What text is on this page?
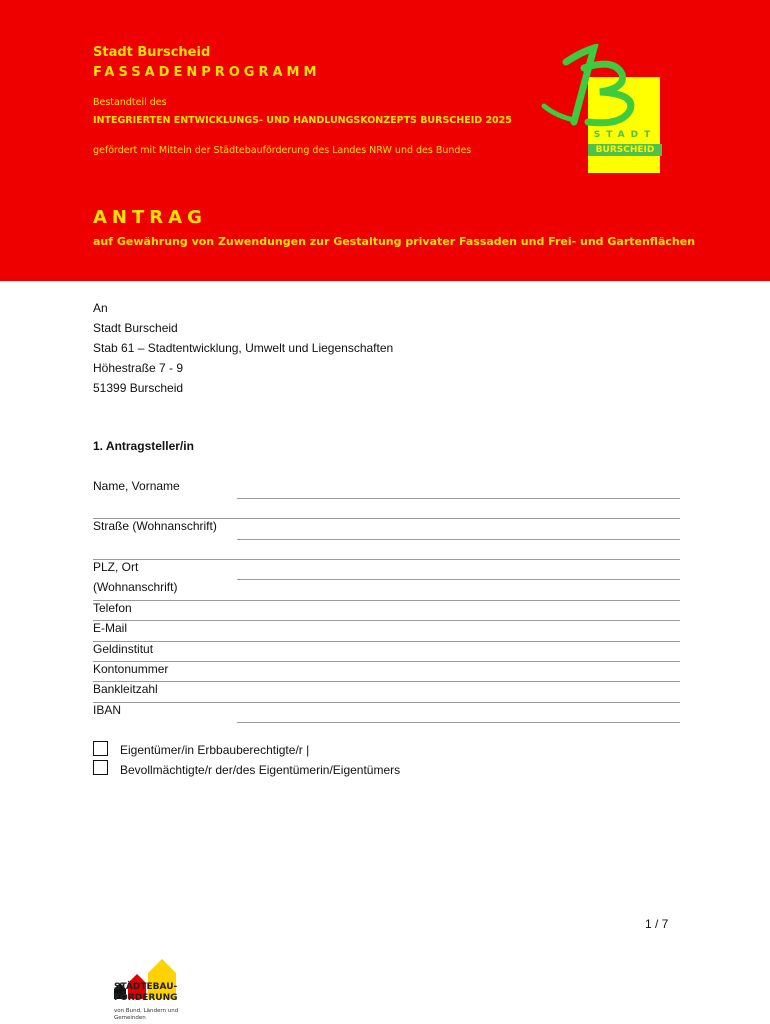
Stadt Burscheid
FASSADENPROGRAMM
Bestandteil des
INTEGRIERTEN ENTWICKLUNGS- UND HANDLUNGSKONZEPTS BURSCHEID 2025
gefördert mit Mitteln der Städtebauförderung des Landes NRW und des Bundes
ANTRAG
auf Gewährung von Zuwendungen zur Gestaltung privater Fassaden und Frei- und Gartenflächen
STADT
BURSCHEID
An
Stadt Burscheid
Stab 61 – Stadtentwicklung, Umwelt und Liegenschaften
Höhestraße 7 - 9
51399 Burscheid
1. Antragsteller/in
Name, Vorname
Straße (Wohnanschrift)
PLZ, Ort
(Wohnanschrift)
Telefon
E-Mail
Geldinstitut
Kontonummer
Bankleitzahl
IBAN
Eigentümer/in Erbbauberechtigte/r |
Bevollmächtigte/r der/des Eigentümerin/Eigentümers
1 / 7
STÄDTEBAU-
FÖRDERUNG
von Bund, Ländern und
Gemeinden
